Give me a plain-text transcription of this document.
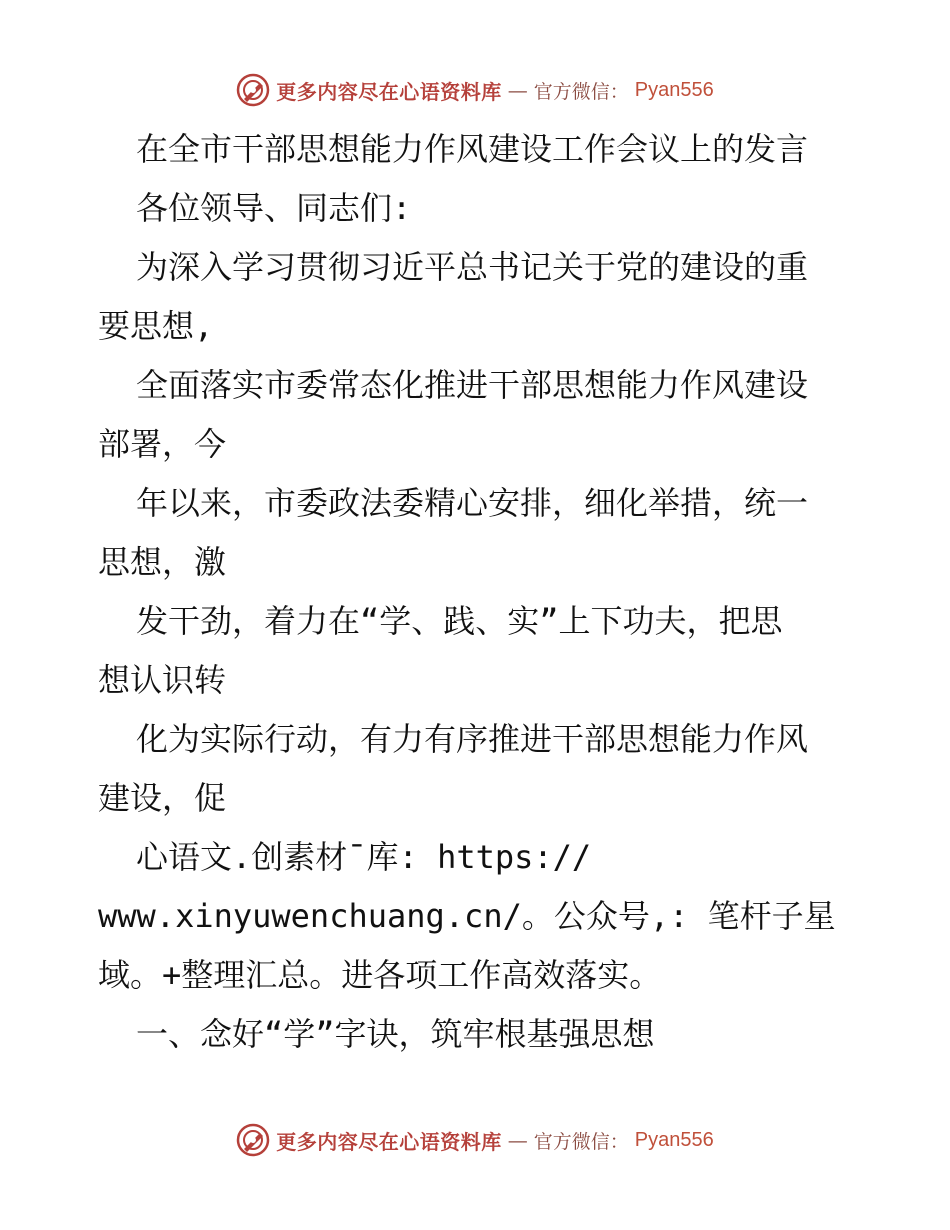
更多内容尽在心语资料库 — 官方微信： Pyan556
在全市干部思想能力作风建设工作会议上的发言
各位领导、同志们:
为深入学习贯彻习近平总书记关于党的建设的重
要思想,
全面落实市委常态化推进干部思想能力作风建设
部署，今
年以来，市委政法委精心安排，细化举措，统一
思想，激
发干劲，着力在“学、践、实”上下功夫，把思
想认识转
化为实际行动，有力有序推进干部思想能力作风
建设，促
心语文.创素材¯库: https://
www.xinyuwenchuang.cn/。公众号,: 笔杆子星
域。+整理汇总。进各项工作高效落实。
一、念好“学”字诀，筑牢根基强思想
更多内容尽在心语资料库 — 官方微信： Pyan556
